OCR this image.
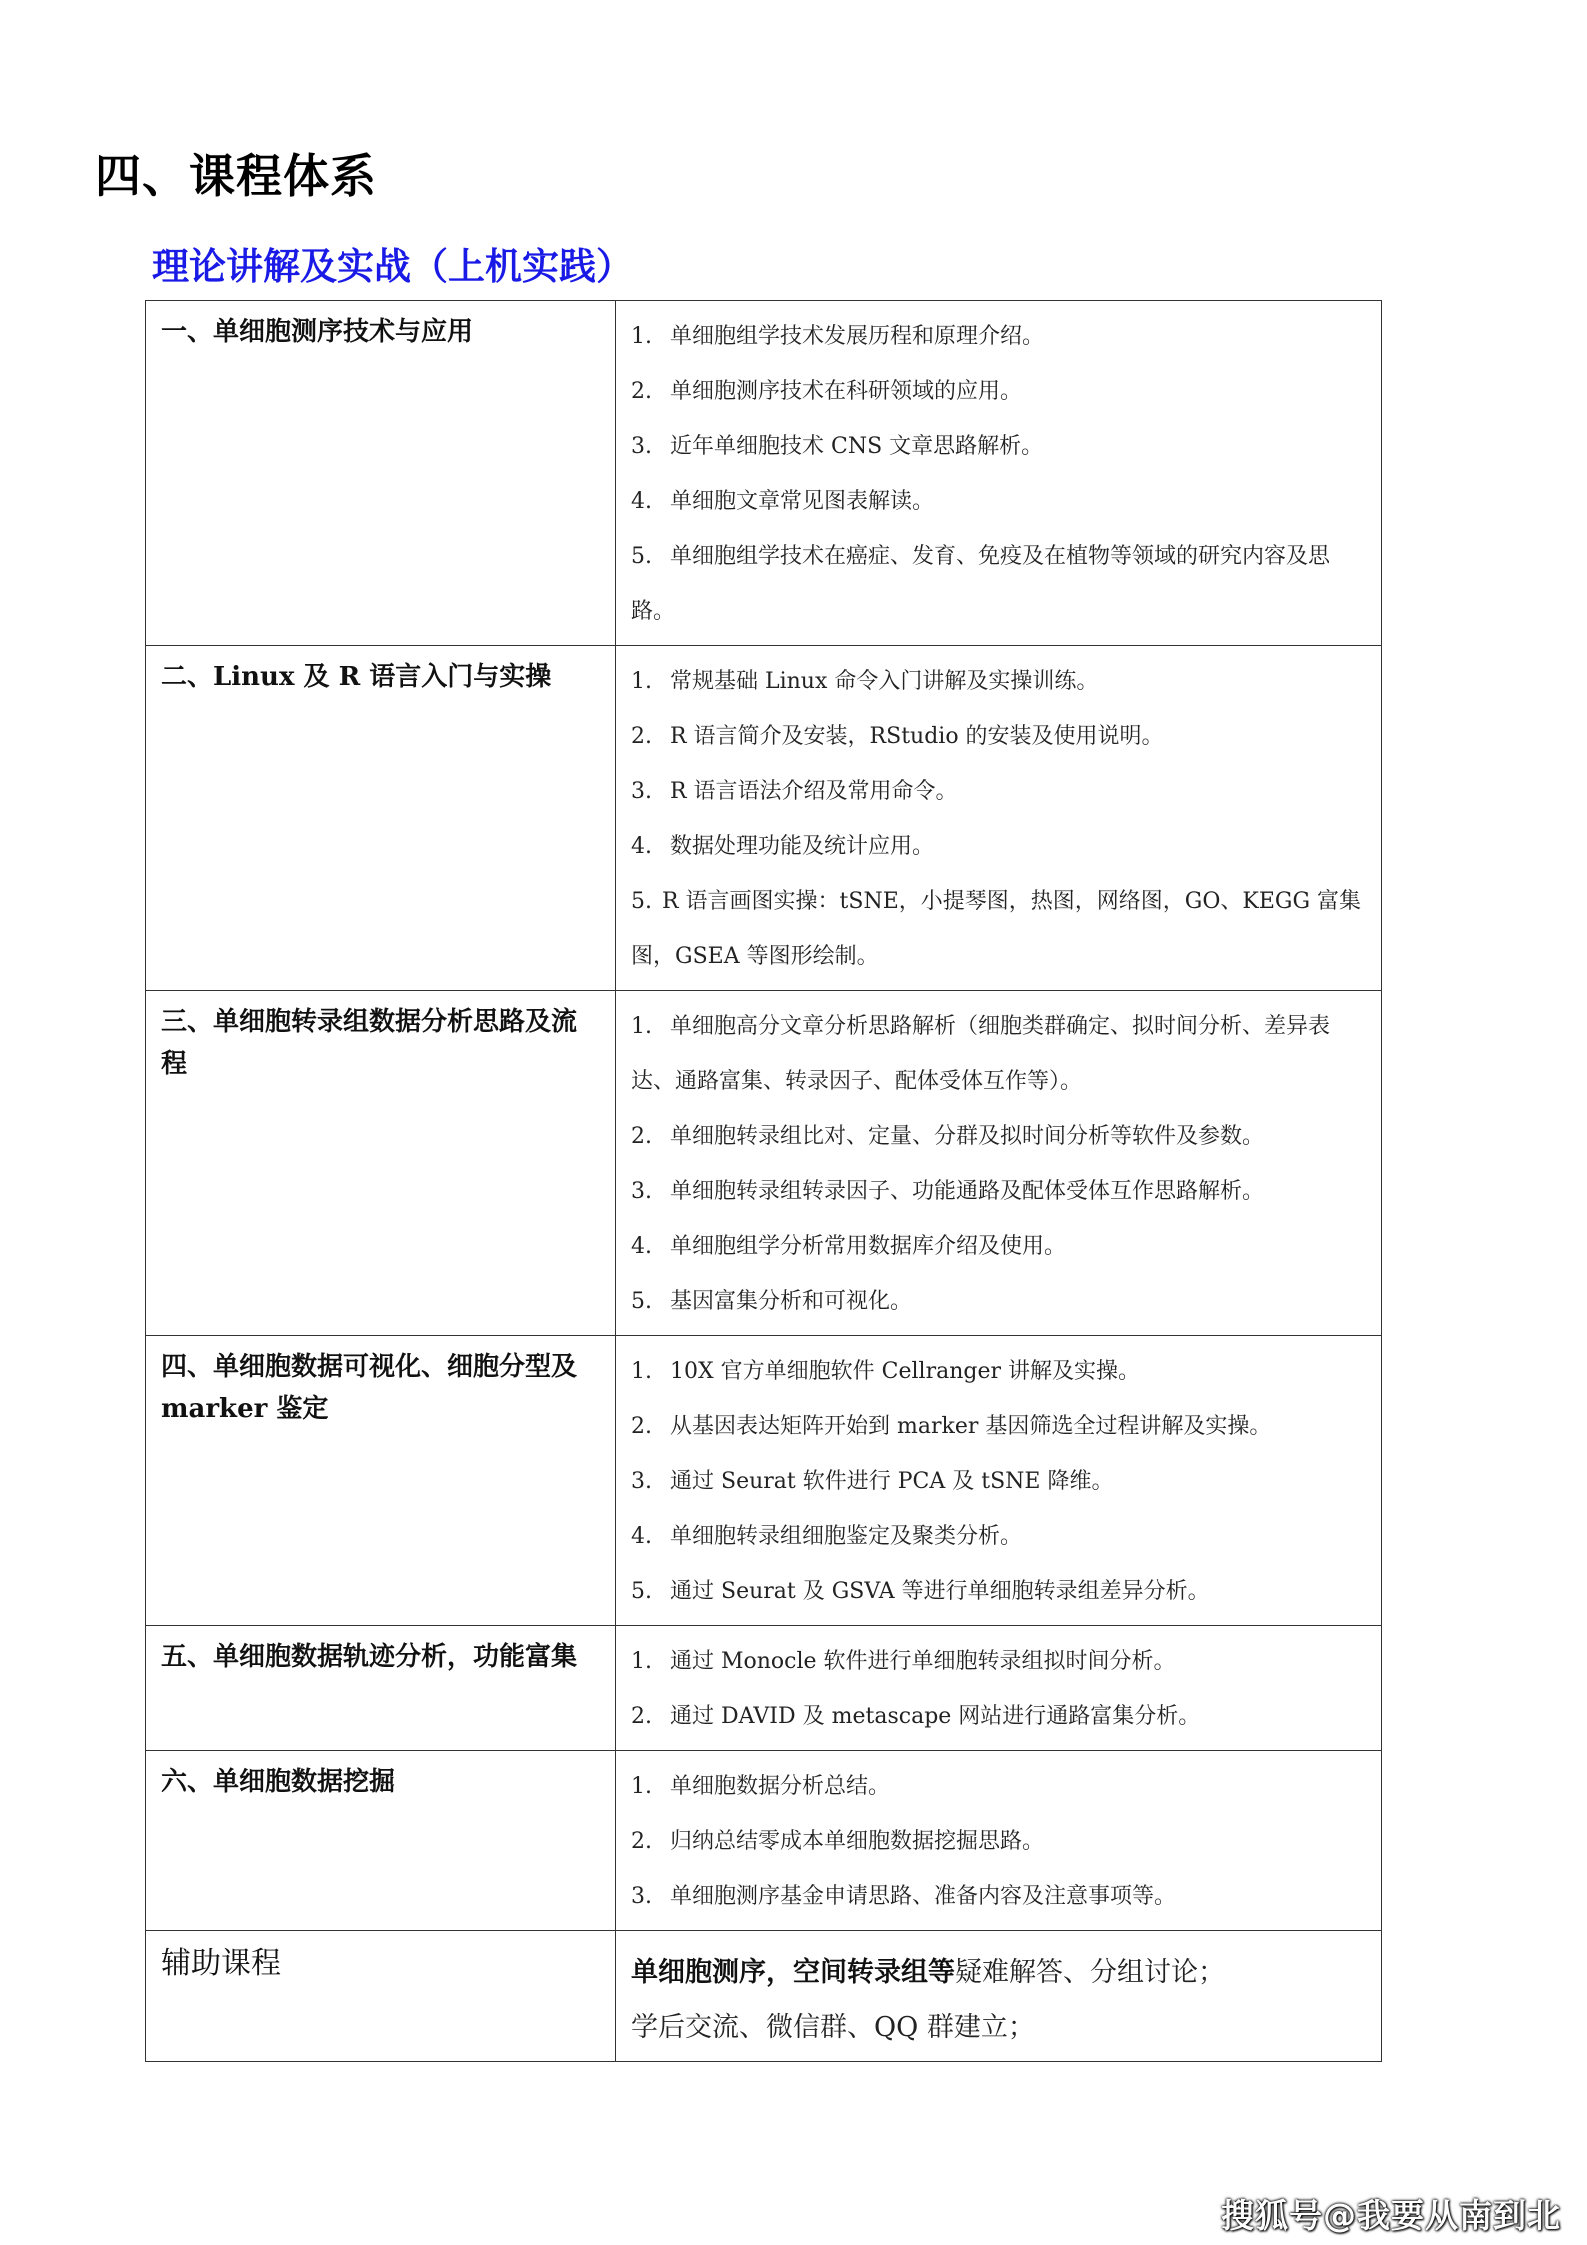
四、课程体系
理论讲解及实战（上机实践）
一、单细胞测序技术与应用	1. 单细胞组学技术发展历程和原理介绍。

2. 单细胞测序技术在科研领域的应用。

3. 近年单细胞技术 CNS 文章思路解析。

4. 单细胞文章常见图表解读。

5. 单细胞组学技术在癌症、发育、免疫及在植物等领域的研究内容及思路。

二、Linux 及 R 语言入门与实操	1. 常规基础 Linux 命令入门讲解及实操训练。

2. R 语言简介及安装，RStudio 的安装及使用说明。

3. R 语言语法介绍及常用命令。

4. 数据处理功能及统计应用。

5. R 语言画图实操：tSNE，小提琴图，热图，网络图，GO、KEGG 富集图，GSEA 等图形绘制。

三、单细胞转录组数据分析思路及流程	1. 单细胞高分文章分析思路解析（细胞类群确定、拟时间分析、差异表达、通路富集、转录因子、配体受体互作等）。

2. 单细胞转录组比对、定量、分群及拟时间分析等软件及参数。

3. 单细胞转录组转录因子、功能通路及配体受体互作思路解析。

4. 单细胞组学分析常用数据库介绍及使用。

5. 基因富集分析和可视化。

四、单细胞数据可视化、细胞分型及 marker 鉴定	1. 10X 官方单细胞软件 Cellranger 讲解及实操。

2. 从基因表达矩阵开始到 marker 基因筛选全过程讲解及实操。

3. 通过 Seurat 软件进行 PCA 及 tSNE 降维。

4. 单细胞转录组细胞鉴定及聚类分析。

5. 通过 Seurat 及 GSVA 等进行单细胞转录组差异分析。

五、单细胞数据轨迹分析，功能富集	1. 通过 Monocle 软件进行单细胞转录组拟时间分析。

2. 通过 DAVID 及 metascape 网站进行通路富集分析。

六、单细胞数据挖掘	1. 单细胞数据分析总结。

2. 归纳总结零成本单细胞数据挖掘思路。

3. 单细胞测序基金申请思路、准备内容及注意事项等。

辅助课程	单细胞测序，空间转录组等疑难解答、分组讨论；

学后交流、微信群、QQ 群建立；

搜狐号@我要从南到北
